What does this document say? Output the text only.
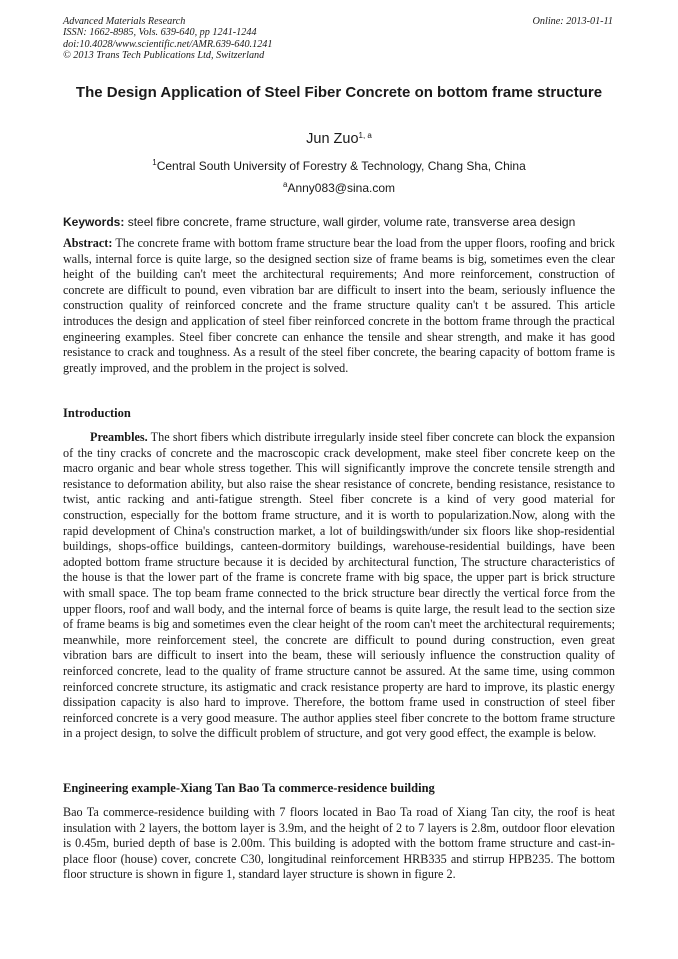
Advanced Materials Research
ISSN: 1662-8985, Vols. 639-640, pp 1241-1244
doi:10.4028/www.scientific.net/AMR.639-640.1241
© 2013 Trans Tech Publications Ltd, Switzerland
Online: 2013-01-11
The Design Application of Steel Fiber Concrete on bottom frame structure
Jun Zuo$^{1, a}$
$^1$Central South University of Forestry & Technology, Chang Sha, China
$^a$Anny083@sina.com
Keywords: steel fibre concrete, frame structure, wall girder, volume rate, transverse area design

Abstract: The concrete frame with bottom frame structure bear the load from the upper floors, roofing and brick walls, internal force is quite large, so the designed section size of frame beams is big, sometimes even the clear height of the building can't meet the architectural requirements; And more reinforcement, construction of concrete are difficult to pound, even vibration bar are difficult to insert into the beam, seriously influence the construction quality of reinforced concrete and the frame structure quality can't t be assured. This article introduces the design and application of steel fiber reinforced concrete in the bottom frame through the practical engineering examples. Steel fiber concrete can enhance the tensile and shear strength, and make it has good resistance to crack and toughness. As a result of the steel fiber concrete, the bearing capacity of bottom frame is greatly improved, and the problem in the project is solved.

Introduction

Preambles. The short fibers which distribute irregularly inside steel fiber concrete can block the expansion of the tiny cracks of concrete and the macroscopic crack development, make steel fiber concrete keep on the macro organic and bear whole stress together. This will significantly improve the concrete tensile strength and resistance to deformation ability, but also raise the shear resistance of concrete, bending resistance, resistance to twist, antic racking and anti-fatigue strength. Steel fiber concrete is a kind of very good material for construction, especially for the bottom frame structure, and it is worth to popularization.Now, along with the rapid development of China's construction market, a lot of buildingswith/under six floors like shop-residential buildings, shops-office buildings, canteen-dormitory buildings, warehouse-residential buildings, have been adopted bottom frame structure because it is decided by architectural function, The structure characteristics of the house is that the lower part of the frame is concrete frame with big space, the upper part is brick structure with small space. The top beam frame connected to the brick structure bear directly the vertical force from the upper floors, roof and wall body, and the internal force of beams is quite large, the result lead to the section size of frame beams is big and sometimes even the clear height of the room can't meet the architectural requirements; meanwhile, more reinforcement steel, the concrete are difficult to pound during construction, even great vibration bars are difficult to insert into the beam, these will seriously influence the construction quality of reinforced concrete, lead to the quality of frame structure cannot be assured. At the same time, using common reinforced concrete structure, its astigmatic and crack resistance property are hard to improve, its plastic energy dissipation capacity is also hard to improve. Therefore, the bottom frame used in construction of steel fiber reinforced concrete is a very good measure. The author applies steel fiber concrete to the bottom frame structure in a project design, to solve the difficult problem of structure, and got very good effect, the example is below.

Engineering example-Xiang Tan Bao Ta commerce-residence building

Bao Ta commerce-residence building with 7 floors located in Bao Ta road of Xiang Tan city, the roof is heat insulation with 2 layers, the bottom layer is 3.9m, and the height of 2 to 7 layers is 2.8m, outdoor floor elevation is 0.45m, buried depth of base is 2.00m. This building is adopted with the bottom frame structure and cast-in-place floor (house) cover, concrete C30, longitudinal reinforcement HRB335 and stirrup HPB235. The bottom floor structure is shown in figure 1, standard layer structure is shown in figure 2.
